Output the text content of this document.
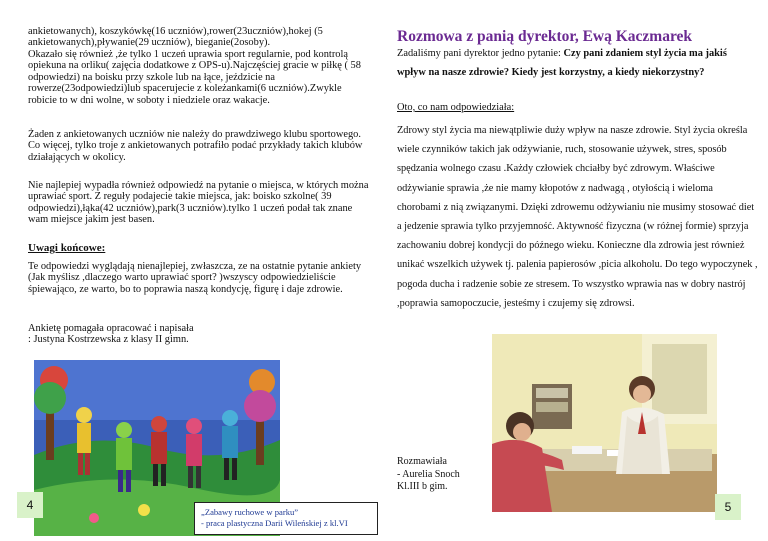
ankietowanych), koszykówkę(16 uczniów),rower(23uczniów),hokej (5 ankietowanych),pływanie(29 uczniów), bieganie(2osoby).

Okazało się również ,że tylko 1 uczeń uprawia sport regularnie, pod kontrolą opiekuna na orliku( zajęcia dodatkowe z OPS-u).Najczęściej gracie w piłkę ( 58 odpowiedzi) na boisku przy szkole lub na łące, jeździcie na rowerze(23odpowiedzi)lub spacerujecie z koleżankami(6 uczniów).Zwykle robicie to w dni wolne, w soboty i niedziele oraz wakacje.

Żaden z ankietowanych uczniów nie należy do prawdziwego klubu sportowego. Co więcej, tylko troje z ankietowanych potrafiło podać przykłady takich klubów działających w okolicy.

Nie najlepiej wypadła również odpowiedź na pytanie o miejsca, w których można uprawiać sport. Z reguły podajecie takie miejsca, jak: boisko szkolne( 39 odpowiedzi),łąka(42 uczniów),park(3 uczniów).tylko 1 uczeń podał tak znane wam miejsce jakim jest basen.

Uwagi końcowe:

Te odpowiedzi wyglądają nienajlepiej, zwłaszcza, ze na ostatnie pytanie ankiety (Jak myślisz ,dlaczego warto uprawiać sport? )wszyscy odpowiedzieliście śpiewająco, ze warto, bo to poprawia naszą kondycję, figurę i daje zdrowie.

Ankietę pomagała opracować i napisała

: Justyna Kostrzewska z klasy II gimn.

„Zabawy ruchowe w parku”
- praca plastyczna Darii Wileńskiej z kl.VI
4
Rozmowa z panią dyrektor, Ewą Kaczmarek
Zadaliśmy pani dyrektor jedno pytanie: Czy pani zdaniem styl życia ma jakiś wpływ na nasze zdrowie? Kiedy jest korzystny, a kiedy niekorzystny?
Oto, co nam odpowiedziała:
Zdrowy styl życia ma niewątpliwie duży wpływ na nasze zdrowie. Styl życia określa wiele czynników takich jak odżywianie, ruch, stosowanie używek, stres, sposób spędzania wolnego czasu .Każdy człowiek chciałby być zdrowym. Właściwe odżywianie sprawia ,że nie mamy kłopotów z nadwagą , otyłością i wieloma chorobami z nią związanymi. Dzięki zdrowemu odżywianiu nie musimy stosować diet a jedzenie sprawia tylko przyjemność. Aktywność fizyczna (w różnej formie) sprzyja zachowaniu dobrej kondycji do późnego wieku. Konieczne dla zdrowia jest również unikać wszelkich używek tj. palenia papierosów ,picia alkoholu. Do tego wypoczynek , pogoda ducha i radzenie sobie ze stresem. To wszystko wprawia nas w dobry nastrój ,poprawia samopoczucie, jesteśmy i czujemy się zdrowsi.
Rozmawiała
- Aurelia Snoch
Kl.III b gim.
5
